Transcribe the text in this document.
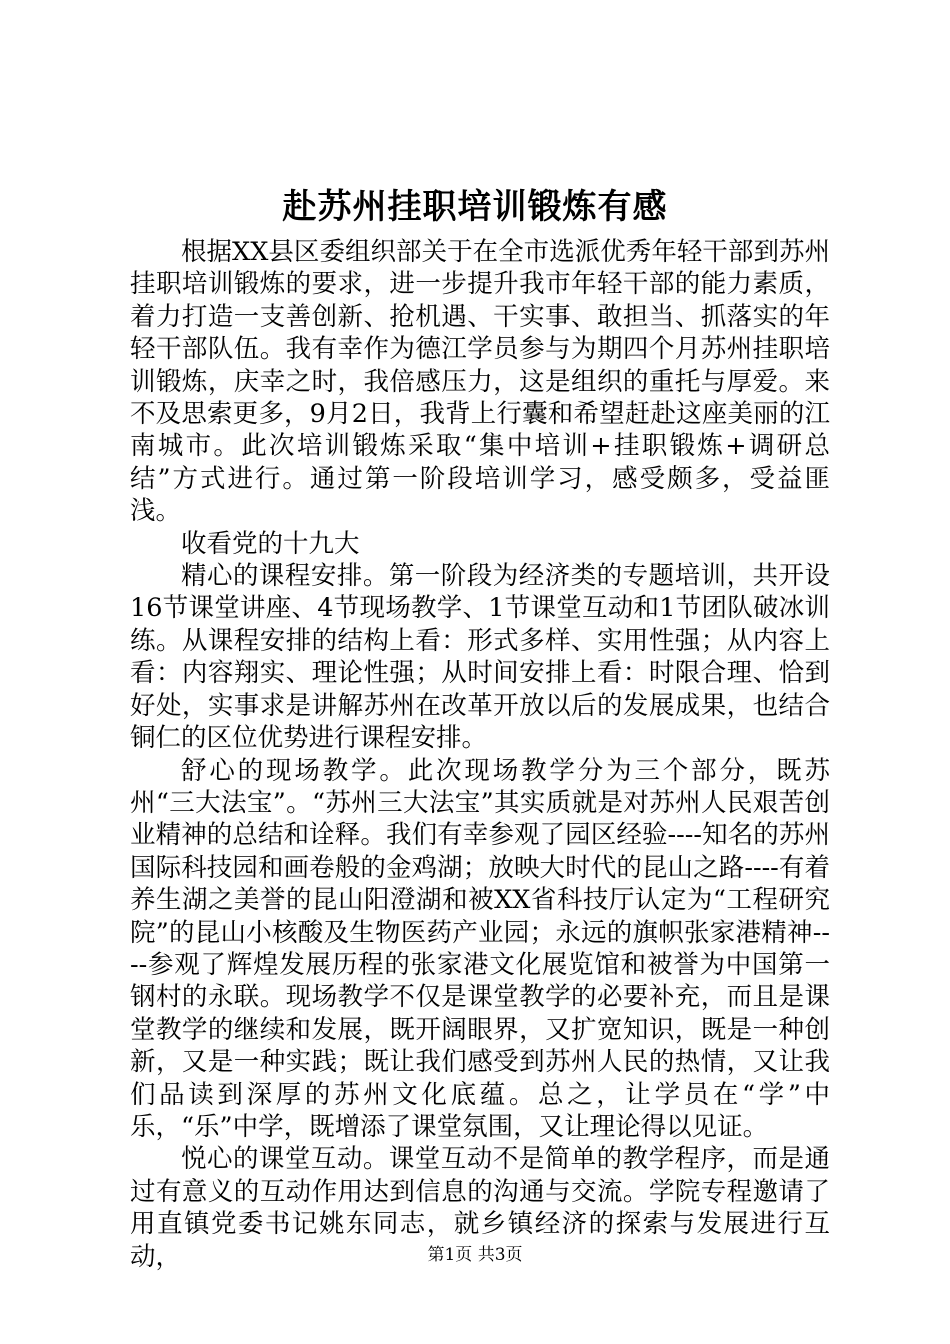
赴苏州挂职培训锻炼有感

根据XX县区委组织部关于在全市选派优秀年轻干部到苏州挂职培训锻炼的要求，进一步提升我市年轻干部的能力素质，着力打造一支善创新、抢机遇、干实事、敢担当、抓落实的年轻干部队伍。我有幸作为德江学员参与为期四个月苏州挂职培训锻炼，庆幸之时，我倍感压力，这是组织的重托与厚爱。来不及思索更多，9月2日，我背上行囊和希望赶赴这座美丽的江南城市。此次培训锻炼采取“集中培训+挂职锻炼+调研总结”方式进行。通过第一阶段培训学习，感受颇多，受益匪浅。

收看党的十九大

精心的课程安排。第一阶段为经济类的专题培训，共开设16节课堂讲座、4节现场教学、1节课堂互动和1节团队破冰训练。从课程安排的结构上看：形式多样、实用性强；从内容上看：内容翔实、理论性强；从时间安排上看：时限合理、恰到好处，实事求是讲解苏州在改革开放以后的发展成果，也结合铜仁的区位优势进行课程安排。

舒心的现场教学。此次现场教学分为三个部分，既苏州“三大法宝”。“苏州三大法宝”其实质就是对苏州人民艰苦创业精神的总结和诠释。我们有幸参观了园区经验----知名的苏州国际科技园和画卷般的金鸡湖；放映大时代的昆山之路----有着养生湖之美誉的昆山阳澄湖和被XX省科技厅认定为“工程研究院”的昆山小核酸及生物医药产业园；永远的旗帜张家港精神----参观了辉煌发展历程的张家港文化展览馆和被誉为中国第一钢村的永联。现场教学不仅是课堂教学的必要补充，而且是课堂教学的继续和发展，既开阔眼界，又扩宽知识，既是一种创新，又是一种实践；既让我们感受到苏州人民的热情，又让我们品读到深厚的苏州文化底蕴。总之，让学员在“学”中乐，“乐”中学，既增添了课堂氛围，又让理论得以见证。

悦心的课堂互动。课堂互动不是简单的教学程序，而是通过有意义的互动作用达到信息的沟通与交流。学院专程邀请了用直镇党委书记姚东同志，就乡镇经济的探索与发展进行互动，	第1页 共3页
